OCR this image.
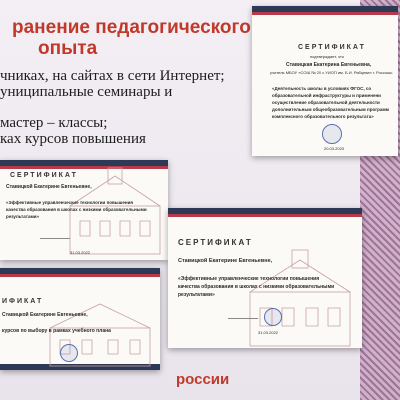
ранение педагогического
опыта
чниках, на сайтах в сети Интернет;
униципальные семинары и
мастер – классы;
ках курсов повышения
СЕРТИФИКАТ
подтверждает, что
Ставицкая Екатерина Евгеньевна,
учитель МБОУ «СОШ № 20 с УИОП им. Б.И. Рябцева» г. Россошь
«Деятельность школы в условиях ФГОС, со
образовательной инфраструктуры и применени
осуществление образовательной деятельности
дополнительным общеобразовательным программ
комплексного образовательного результата»
20.03.2023
СЕРТИФИКАТ
Ставицкой Екатерине Евгеньевне,
«Эффективные управленческие технологии повышения
качества образования в школах с низкими образовательными
результатами»
31.03.2022
СЕРТИФИКАТ
Ставицкой Екатерине Евгеньевне,
«Эффективные управленческие технологии повышения
качества образования в школах с низкими образовательными
результатами»
31.03.2022
ИФИКАТ
Ставицкой Екатерине Евгеньевне,
курсов по выбору в рамках учебного плана
россии
